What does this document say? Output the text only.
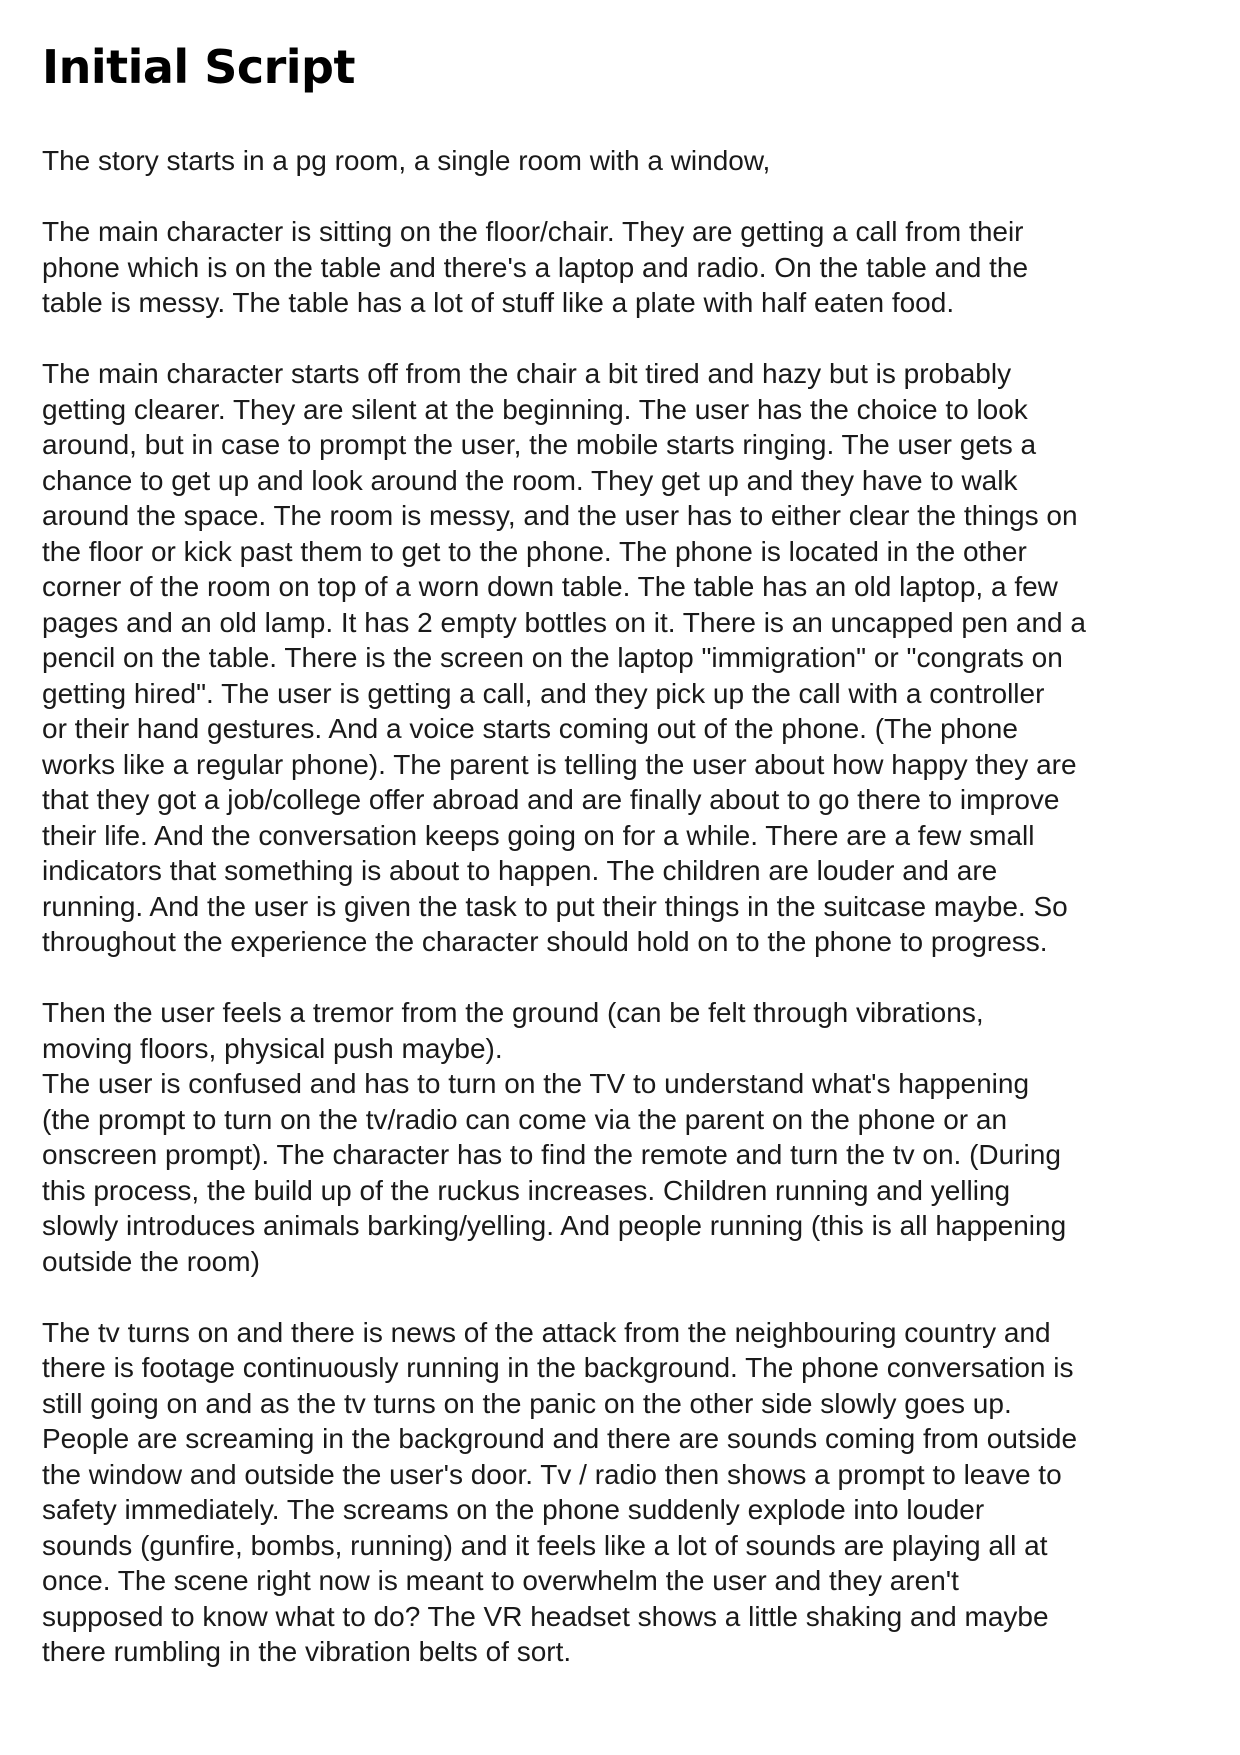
Initial Script

The story starts in a pg room, a single room with a window,

The main character is sitting on the floor/chair. They are getting a call from their
phone which is on the table and there's a laptop and radio. On the table and the
table is messy. The table has a lot of stuff like a plate with half eaten food.

The main character starts off from the chair a bit tired and hazy but is probably
getting clearer. They are silent at the beginning. The user has the choice to look
around, but in case to prompt the user, the mobile starts ringing. The user gets a
chance to get up and look around the room. They get up and they have to walk
around the space. The room is messy, and the user has to either clear the things on
the floor or kick past them to get to the phone. The phone is located in the other
corner of the room on top of a worn down table. The table has an old laptop, a few
pages and an old lamp. It has 2 empty bottles on it. There is an uncapped pen and a
pencil on the table. There is the screen on the laptop "immigration" or "congrats on
getting hired". The user is getting a call, and they pick up the call with a controller
or their hand gestures. And a voice starts coming out of the phone. (The phone
works like a regular phone). The parent is telling the user about how happy they are
that they got a job/college offer abroad and are finally about to go there to improve
their life. And the conversation keeps going on for a while. There are a few small
indicators that something is about to happen. The children are louder and are
running. And the user is given the task to put their things in the suitcase maybe. So
throughout the experience the character should hold on to the phone to progress.

Then the user feels a tremor from the ground (can be felt through vibrations,
moving floors, physical push maybe).

The user is confused and has to turn on the TV to understand what's happening
(the prompt to turn on the tv/radio can come via the parent on the phone or an
onscreen prompt). The character has to find the remote and turn the tv on. (During
this process, the build up of the ruckus increases. Children running and yelling
slowly introduces animals barking/yelling. And people running (this is all happening
outside the room)

The tv turns on and there is news of the attack from the neighbouring country and
there is footage continuously running in the background. The phone conversation is
still going on and as the tv turns on the panic on the other side slowly goes up.
People are screaming in the background and there are sounds coming from outside
the window and outside the user's door. Tv / radio then shows a prompt to leave to
safety immediately. The screams on the phone suddenly explode into louder
sounds (gunfire, bombs, running) and it feels like a lot of sounds are playing all at
once. The scene right now is meant to overwhelm the user and they aren't
supposed to know what to do? The VR headset shows a little shaking and maybe
there rumbling in the vibration belts of sort.
